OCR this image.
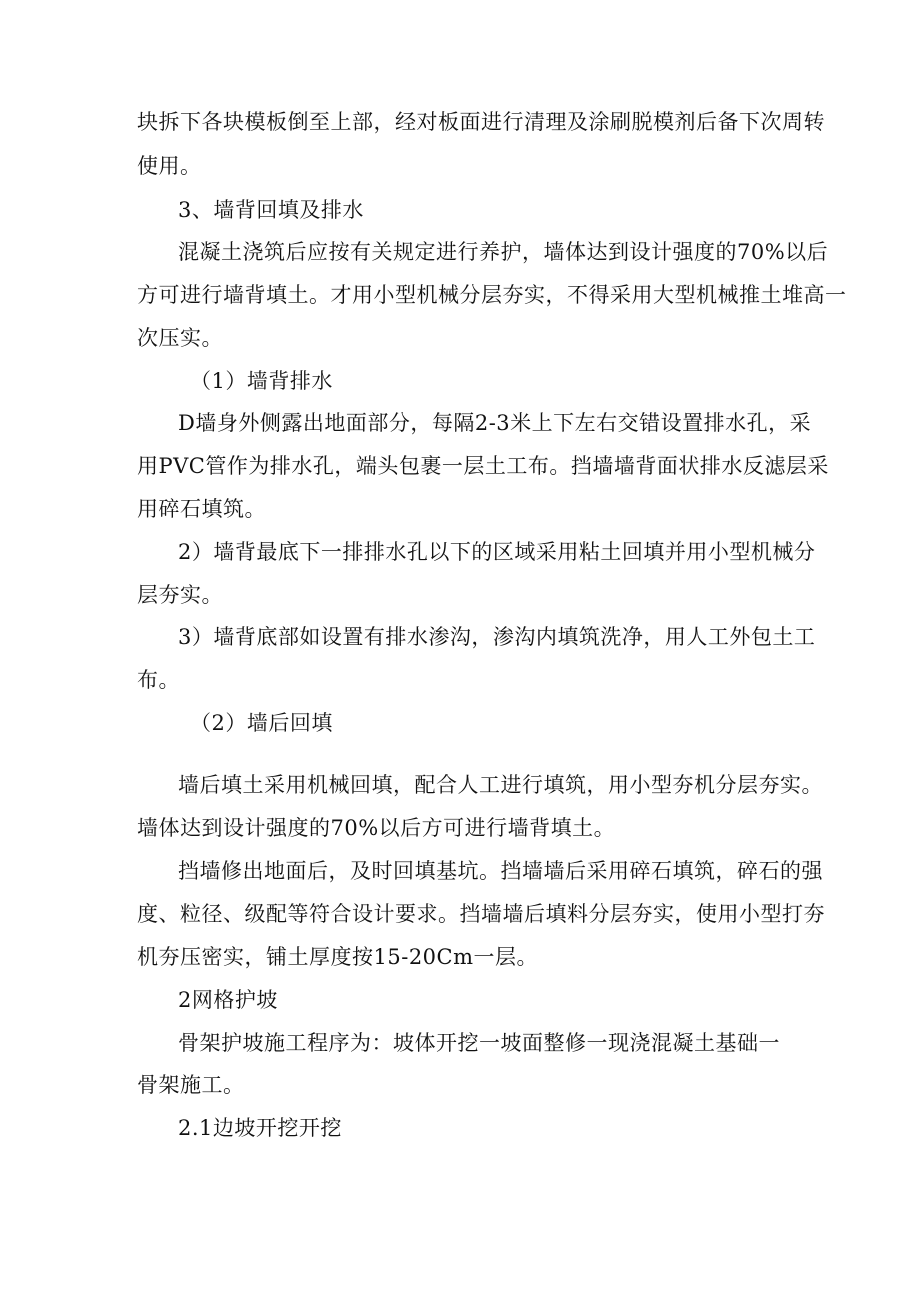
块拆下各块模板倒至上部，经对板面进行清理及涂刷脱模剂后备下次周转
使用。
3、墙背回填及排水
混凝土浇筑后应按有关规定进行养护，墙体达到设计强度的70%以后
方可进行墙背填土。才用小型机械分层夯实，不得采用大型机械推土堆高一
次压实。
（1）墙背排水
D墙身外侧露出地面部分，每隔2-3米上下左右交错设置排水孔，采
用PVC管作为排水孔，端头包裹一层土工布。挡墙墙背面状排水反滤层采
用碎石填筑。
2）墙背最底下一排排水孔以下的区域采用粘土回填并用小型机械分
层夯实。
3）墙背底部如设置有排水渗沟，渗沟内填筑洗净，用人工外包土工
布。
（2）墙后回填
墙后填土采用机械回填，配合人工进行填筑，用小型夯机分层夯实。
墙体达到设计强度的70%以后方可进行墙背填土。
挡墙修出地面后，及时回填基坑。挡墙墙后采用碎石填筑，碎石的强
度、粒径、级配等符合设计要求。挡墙墙后填料分层夯实，使用小型打夯
机夯压密实，铺土厚度按15-20Cm一层。
2网格护坡
骨架护坡施工程序为：坡体开挖一坡面整修一现浇混凝土基础一
骨架施工。
2.1边坡开挖开挖
